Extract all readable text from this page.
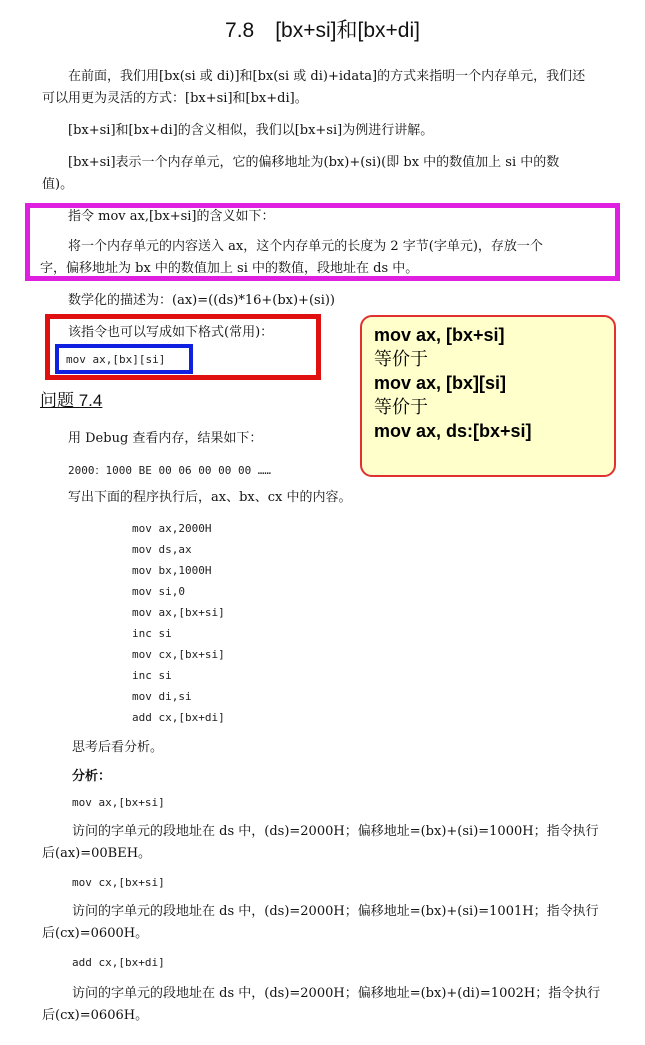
7.8　[bx+si]和[bx+di]
在前面，我们用[bx(si 或 di)]和[bx(si 或 di)+idata]的方式来指明一个内存单元，我们还
可以用更为灵活的方式：[bx+si]和[bx+di]。
[bx+si]和[bx+di]的含义相似，我们以[bx+si]为例进行讲解。
[bx+si]表示一个内存单元，它的偏移地址为(bx)+(si)(即 bx 中的数值加上 si 中的数
值)。
指令 mov ax,[bx+si]的含义如下：
将一个内存单元的内容送入 ax，这个内存单元的长度为 2 字节(字单元)，存放一个
字，偏移地址为 bx 中的数值加上 si 中的数值，段地址在 ds 中。
数学化的描述为：(ax)=((ds)*16+(bx)+(si))
该指令也可以写成如下格式(常用)：
mov ax,[bx][si]
mov ax, [bx+si]
等价于
mov ax, [bx][si]
等价于
mov ax, ds:[bx+si]
问题 7.4
用 Debug 查看内存，结果如下：
2000：1000 BE 00 06 00 00 00 ……
写出下面的程序执行后，ax、bx、cx 中的内容。
mov ax,2000H
mov ds,ax
mov bx,1000H
mov si,0
mov ax,[bx+si]
inc si
mov cx,[bx+si]
inc si
mov di,si
add cx,[bx+di]
思考后看分析。
分析：
mov ax,[bx+si]
访问的字单元的段地址在 ds 中，(ds)=2000H；偏移地址=(bx)+(si)=1000H；指令执行
后(ax)=00BEH。
mov cx,[bx+si]
访问的字单元的段地址在 ds 中，(ds)=2000H；偏移地址=(bx)+(si)=1001H；指令执行
后(cx)=0600H。
add cx,[bx+di]
访问的字单元的段地址在 ds 中，(ds)=2000H；偏移地址=(bx)+(di)=1002H；指令执行
后(cx)=0606H。
